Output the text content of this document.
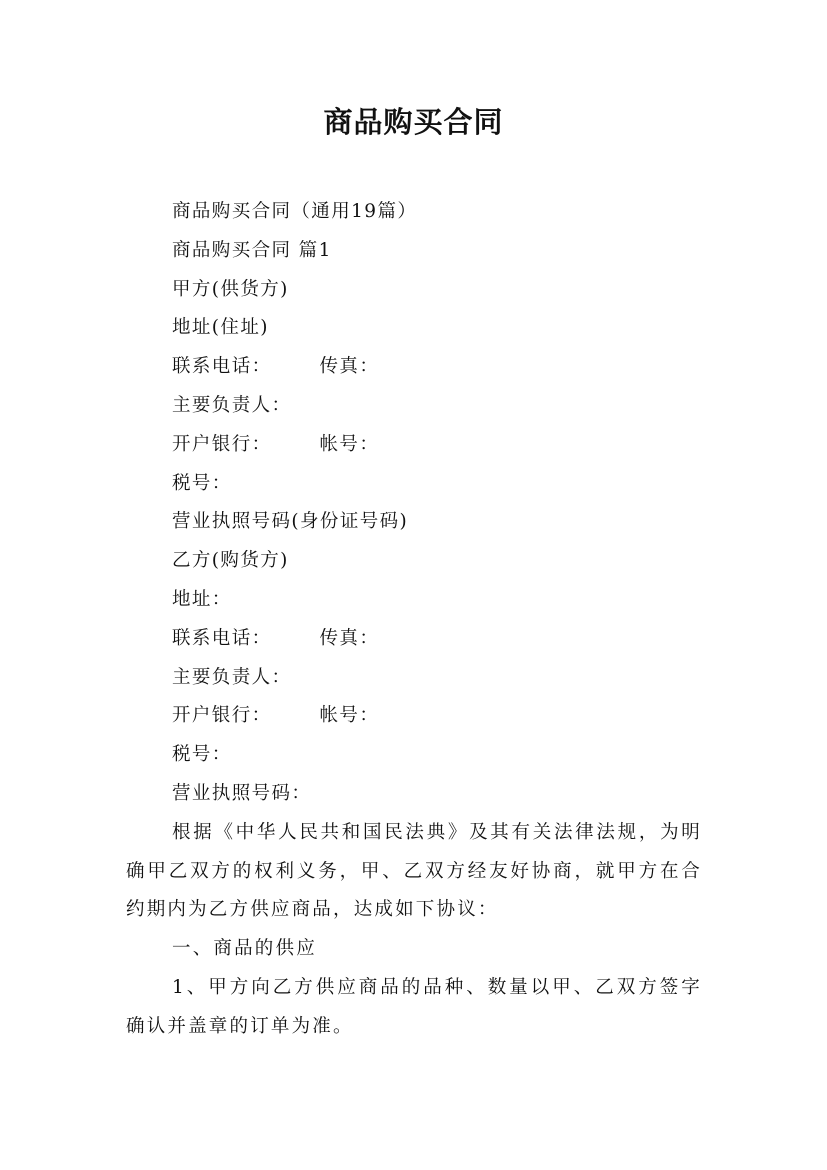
商品购买合同
商品购买合同（通用19篇）
商品购买合同 篇1
甲方(供货方)
地址(住址)
联系电话：	传真：
主要负责人：
开户银行：	帐号：
税号：
营业执照号码(身份证号码)
乙方(购货方)
地址：
联系电话：	传真：
主要负责人：
开户银行：	帐号：
税号：
营业执照号码：
根据《中华人民共和国民法典》及其有关法律法规，为明确甲乙双方的权利义务，甲、乙双方经友好协商，就甲方在合约期内为乙方供应商品，达成如下协议：
一、商品的供应
1、甲方向乙方供应商品的品种、数量以甲、乙双方签字确认并盖章的订单为准。
